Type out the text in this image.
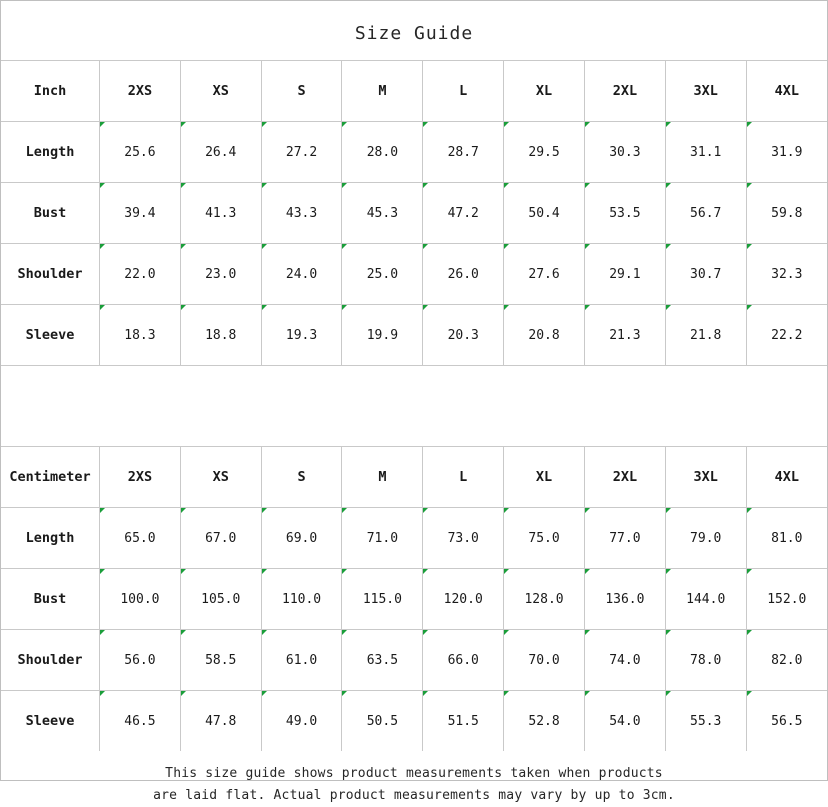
Size Guide
Inch	2XS	XS	S	M	L	XL	2XL	3XL	4XL
Length	25.6	26.4	27.2	28.0	28.7	29.5	30.3	31.1	31.9

Bust	39.4	41.3	43.3	45.3	47.2	50.4	53.5	56.7	59.8

Shoulder	22.0	23.0	24.0	25.0	26.0	27.6	29.1	30.7	32.3

Sleeve	18.3	18.8	19.3	19.9	20.3	20.8	21.3	21.8	22.2
Centimeter	2XS	XS	S	M	L	XL	2XL	3XL	4XL
Length	65.0	67.0	69.0	71.0	73.0	75.0	77.0	79.0	81.0

Bust	100.0	105.0	110.0	115.0	120.0	128.0	136.0	144.0	152.0

Shoulder	56.0	58.5	61.0	63.5	66.0	70.0	74.0	78.0	82.0

Sleeve	46.5	47.8	49.0	50.5	51.5	52.8	54.0	55.3	56.5
This size guide shows product measurements taken when products
are laid flat. Actual product measurements may vary by up to 3cm.
